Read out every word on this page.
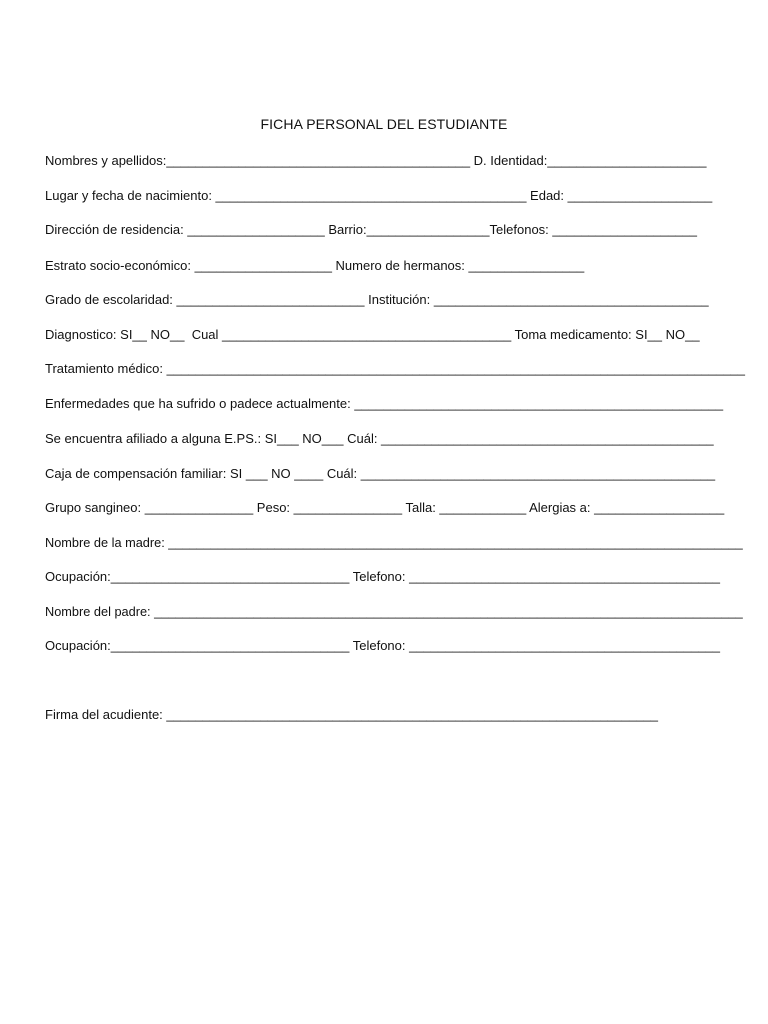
FICHA PERSONAL DEL ESTUDIANTE
Nombres y apellidos:__________________________________________ D. Identidad:______________________
Lugar y fecha de nacimiento: ___________________________________________ Edad: ____________________
Dirección de residencia: ___________________ Barrio:_________________Telefonos: ____________________
Estrato socio-económico: ___________________ Numero de hermanos: ________________
Grado de escolaridad: __________________________ Institución: ______________________________________
Diagnostico: SI__ NO__  Cual ________________________________________ Toma medicamento: SI__ NO__
Tratamiento médico: ________________________________________________________________________________
Enfermedades que ha sufrido o padece actualmente: ___________________________________________________
Se encuentra afiliado a alguna E.PS.: SI___ NO___ Cuál: ______________________________________________
Caja de compensación familiar: SI ___ NO ____ Cuál: _________________________________________________
Grupo sangineo: _______________ Peso: _______________ Talla: ____________ Alergias a: __________________
Nombre de la madre: _________________________________________________________________________________
Ocupación:_________________________________ Telefono: ___________________________________________
Nombre del padre: ___________________________________________________________________________________
Ocupación:_________________________________ Telefono: ___________________________________________
Firma del acudiente: ____________________________________________________________________
